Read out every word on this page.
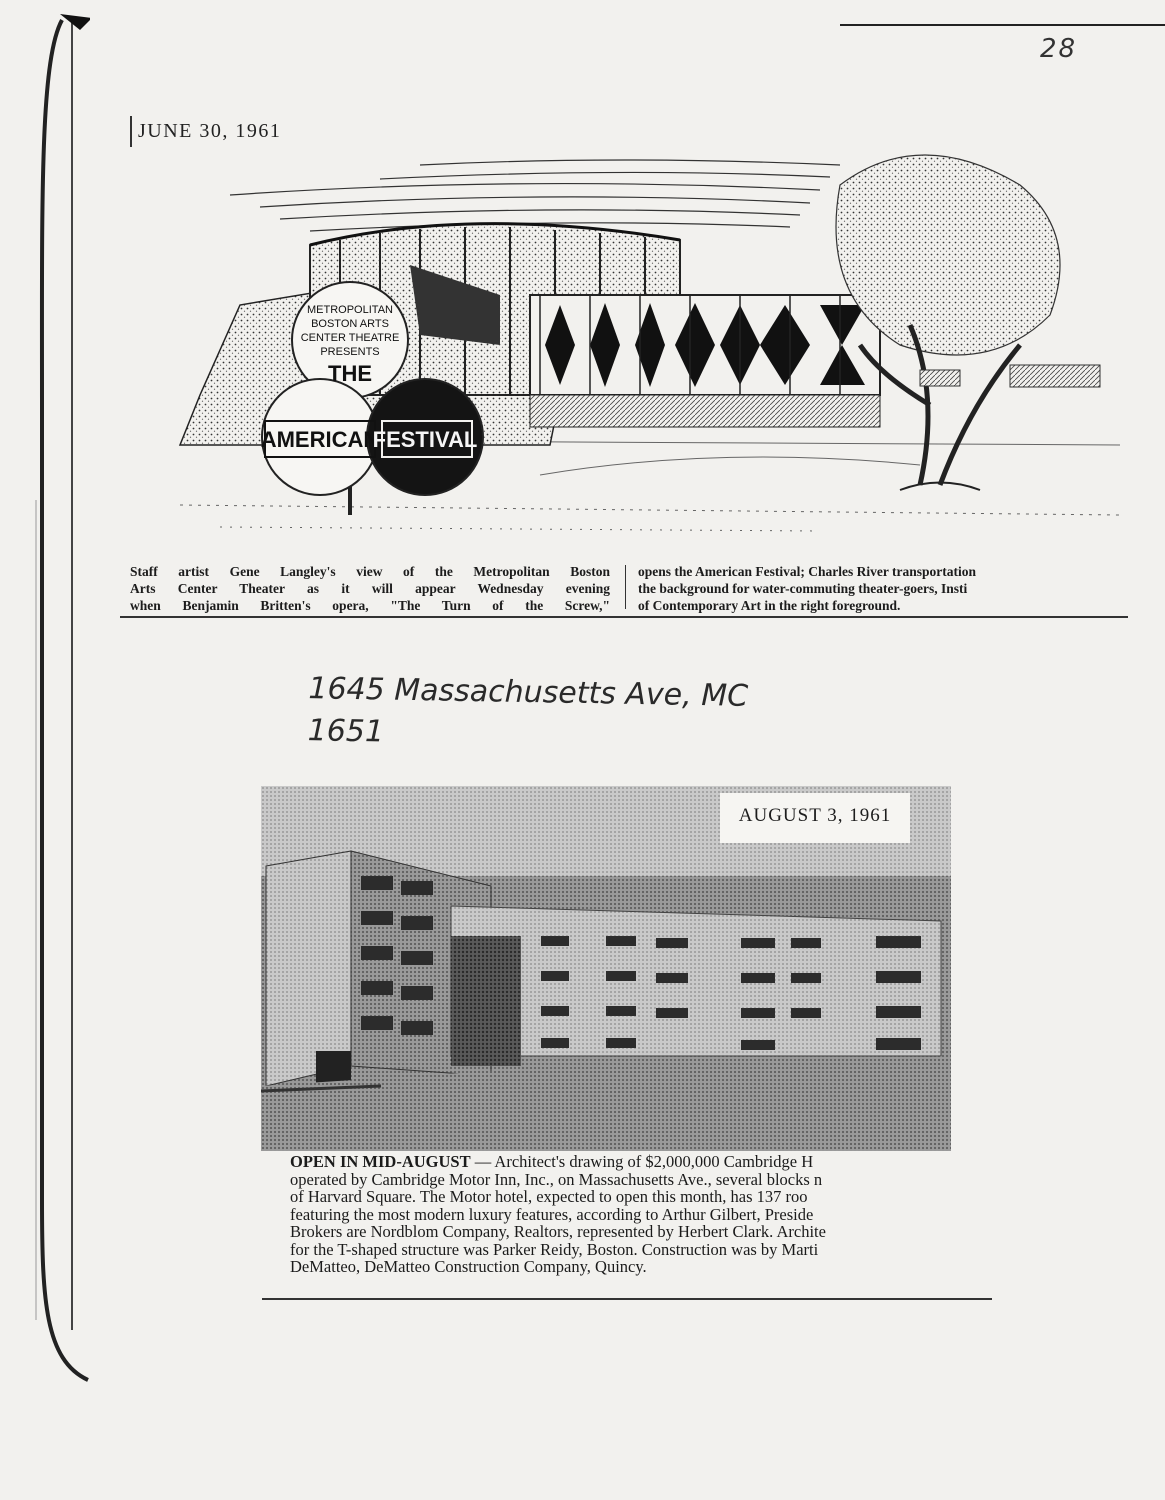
28
JUNE 30, 1961
METROPOLITAN
BOSTON ARTS
CENTER THEATRE
PRESENTS
THE
AMERICAN
FESTIVAL
Staff artist Gene Langley's view of the Metropolitan Boston
Arts Center Theater as it will appear Wednesday evening
when Benjamin Britten's opera, "The Turn of the Screw,"
opens the American Festival; Charles River transportation
the background for water-commuting theater-goers, Insti
of Contemporary Art in the right foreground.
1645 Massachusetts Ave, MC
1651
AUGUST 3, 1961
OPEN IN MID-AUGUST — Architect's drawing of $2,000,000 Cambridge H
operated by Cambridge Motor Inn, Inc., on Massachusetts Ave., several blocks n
of Harvard Square. The Motor hotel, expected to open this month, has 137 roo
featuring the most modern luxury features, according to Arthur Gilbert, Preside
Brokers are Nordblom Company, Realtors, represented by Herbert Clark. Archite
for the T-shaped structure was Parker Reidy, Boston. Construction was by Marti
DeMatteo, DeMatteo Construction Company, Quincy.
